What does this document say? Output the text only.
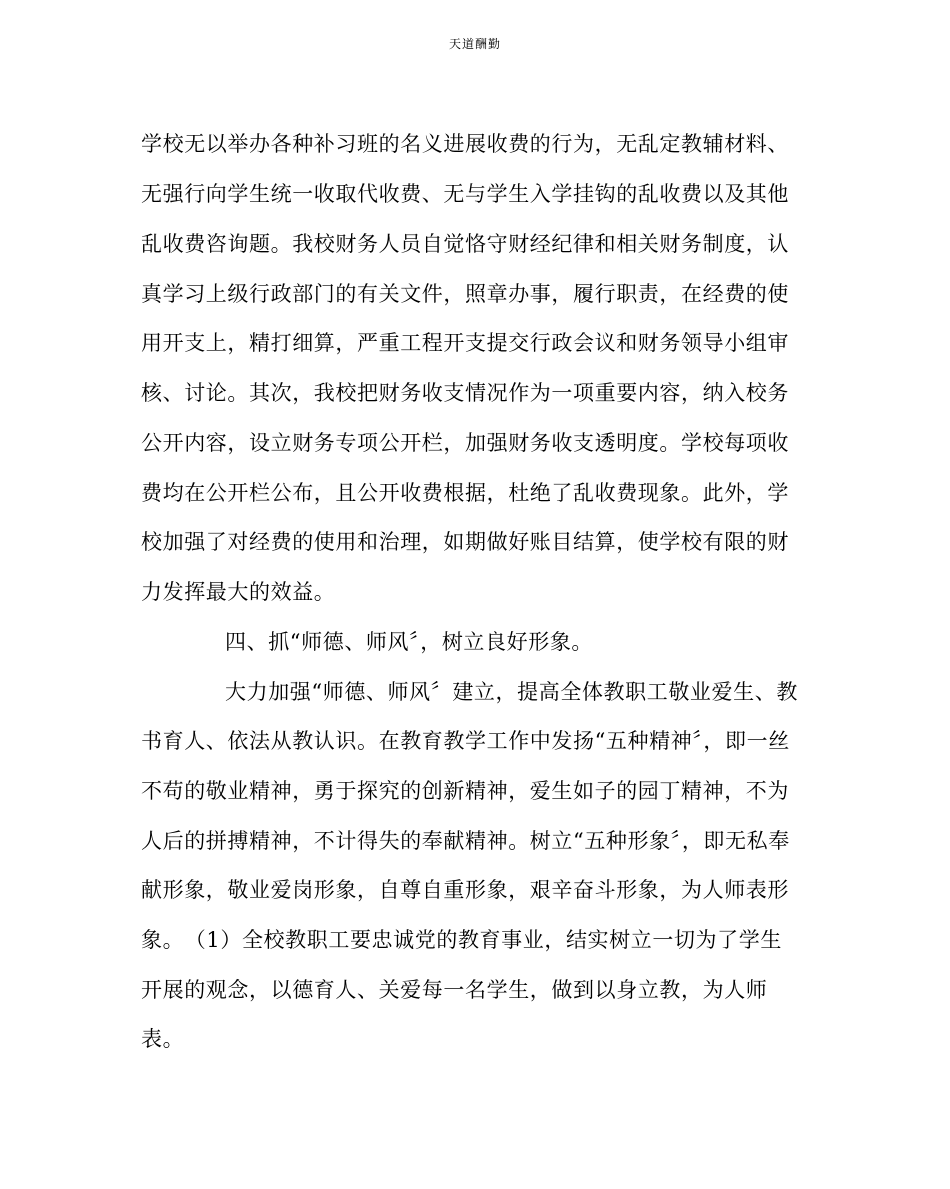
天道酬勤
学校无以举办各种补习班的名义进展收费的行为，无乱定教辅材料、
无强行向学生统一收取代收费、无与学生入学挂钩的乱收费以及其他
乱收费咨询题。我校财务人员自觉恪守财经纪律和相关财务制度，认
真学习上级行政部门的有关文件，照章办事，履行职责，在经费的使
用开支上，精打细算，严重工程开支提交行政会议和财务领导小组审
核、讨论。其次，我校把财务收支情况作为一项重要内容，纳入校务
公开内容，设立财务专项公开栏，加强财务收支透明度。学校每项收
费均在公开栏公布，且公开收费根据，杜绝了乱收费现象。此外，学
校加强了对经费的使用和治理，如期做好账目结算，使学校有限的财
力发挥最大的效益。
四、抓“师德、师风〞，树立良好形象。
大力加强“师德、师风〞建立，提高全体教职工敬业爱生、教
书育人、依法从教认识。在教育教学工作中发扬“五种精神〞，即一丝
不苟的敬业精神，勇于探究的创新精神，爱生如子的园丁精神，不为
人后的拼搏精神，不计得失的奉献精神。树立“五种形象〞，即无私奉
献形象，敬业爱岗形象，自尊自重形象，艰辛奋斗形象，为人师表形
象。　（1）全校教职工要忠诚党的教育事业，结实树立一切为了学生
开展的观念，以德育人、关爱每一名学生，做到以身立教，为人师
表。
